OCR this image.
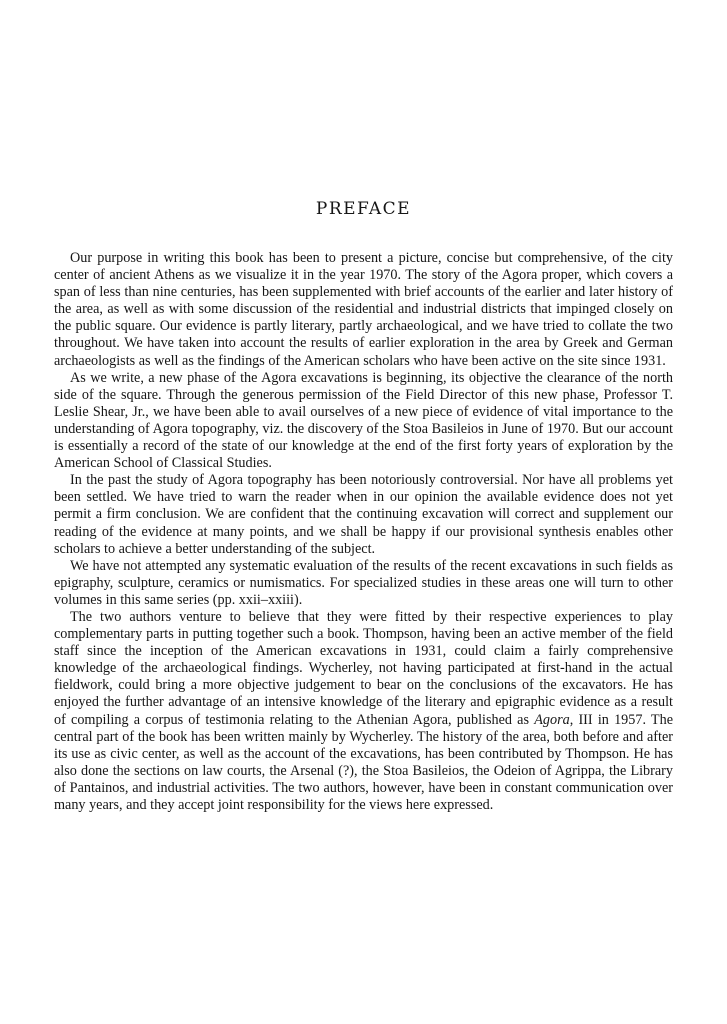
PREFACE

Our purpose in writing this book has been to present a picture, concise but comprehensive, of the city center of ancient Athens as we visualize it in the year 1970. The story of the Agora proper, which covers a span of less than nine centuries, has been supplemented with brief accounts of the earlier and later history of the area, as well as with some discussion of the residential and industrial districts that impinged closely on the public square. Our evidence is partly literary, partly archaeological, and we have tried to collate the two throughout. We have taken into account the results of earlier exploration in the area by Greek and German archaeologists as well as the findings of the American scholars who have been active on the site since 1931.

As we write, a new phase of the Agora excavations is beginning, its objective the clearance of the north side of the square. Through the generous permission of the Field Director of this new phase, Professor T. Leslie Shear, Jr., we have been able to avail ourselves of a new piece of evidence of vital importance to the understanding of Agora topography, viz. the discovery of the Stoa Basileios in June of 1970. But our account is essentially a record of the state of our knowledge at the end of the first forty years of exploration by the American School of Classical Studies.

In the past the study of Agora topography has been notoriously controversial. Nor have all problems yet been settled. We have tried to warn the reader when in our opinion the available evidence does not yet permit a firm conclusion. We are confident that the continuing excavation will correct and supplement our reading of the evidence at many points, and we shall be happy if our provisional synthesis enables other scholars to achieve a better understanding of the subject.

We have not attempted any systematic evaluation of the results of the recent excavations in such fields as epigraphy, sculpture, ceramics or numismatics. For specialized studies in these areas one will turn to other volumes in this same series (pp. xxii–xxiii).

The two authors venture to believe that they were fitted by their respective experiences to play complementary parts in putting together such a book. Thompson, having been an active member of the field staff since the inception of the American excavations in 1931, could claim a fairly comprehensive knowledge of the archaeological findings. Wycherley, not having participated at first-hand in the actual fieldwork, could bring a more objective judgement to bear on the conclusions of the excavators. He has enjoyed the further advantage of an intensive knowledge of the literary and epigraphic evidence as a result of compiling a corpus of testimonia relating to the Athenian Agora, published as Agora, III in 1957. The central part of the book has been written mainly by Wycherley. The history of the area, both before and after its use as civic center, as well as the account of the excavations, has been contributed by Thompson. He has also done the sections on law courts, the Arsenal (?), the Stoa Basileios, the Odeion of Agrippa, the Library of Pantainos, and industrial activities. The two authors, however, have been in constant communication over many years, and they accept joint responsibility for the views here expressed.
